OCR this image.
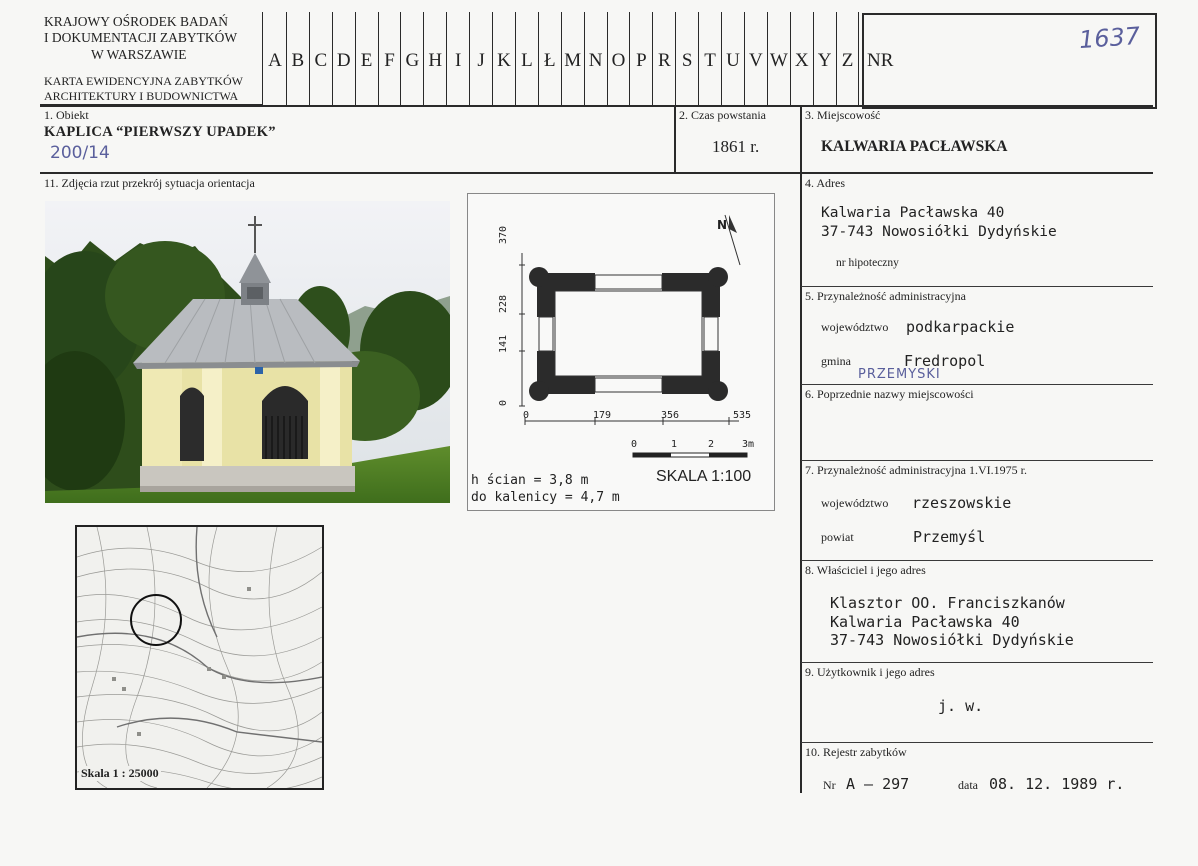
KRAJOWY OŚRODEK BADAŃ
I DOKUMENTACJI ZABYTKÓW
W WARSZAWIE
KARTA EWIDENCYJNA ZABYTKÓW
ARCHITEKTURY I BUDOWNICTWA
A B C D E F G H I J K L Ł M N O P R S T U V W X Y Z NR
1637
1. Obiekt
KAPLICA “PIERWSZY UPADEK”
200/14
2. Czas powstania
1861 r.
3. Miejscowość
KALWARIA PACŁAWSKA
11. Zdjęcia rzut przekrój sytuacja orientacja
370
228
141
0
0	179	356	535
0	1	2	3m
N
SKALA 1:100
h ścian = 3,8 m
do kalenicy = 4,7 m
Skala 1 : 25000
4. Adres
Kalwaria Pacławska 40
37-743 Nowosiółki Dydyńskie
nr hipoteczny
5. Przynależność administracyjna
województwo podkarpackie
gmina	Fredropol
PRZEMYSKI
6. Poprzednie nazwy miejscowości
7. Przynależność administracyjna 1.VI.1975 r.
województwo rzeszowskie
powiat	Przemyśl
8. Właściciel i jego adres
Klasztor OO. Franciszkanów
Kalwaria Pacławska 40
37-743 Nowosiółki Dydyńskie
9. Użytkownik i jego adres
j. w.
10. Rejestr zabytków
Nr A – 297	data 08. 12. 1989 r.
